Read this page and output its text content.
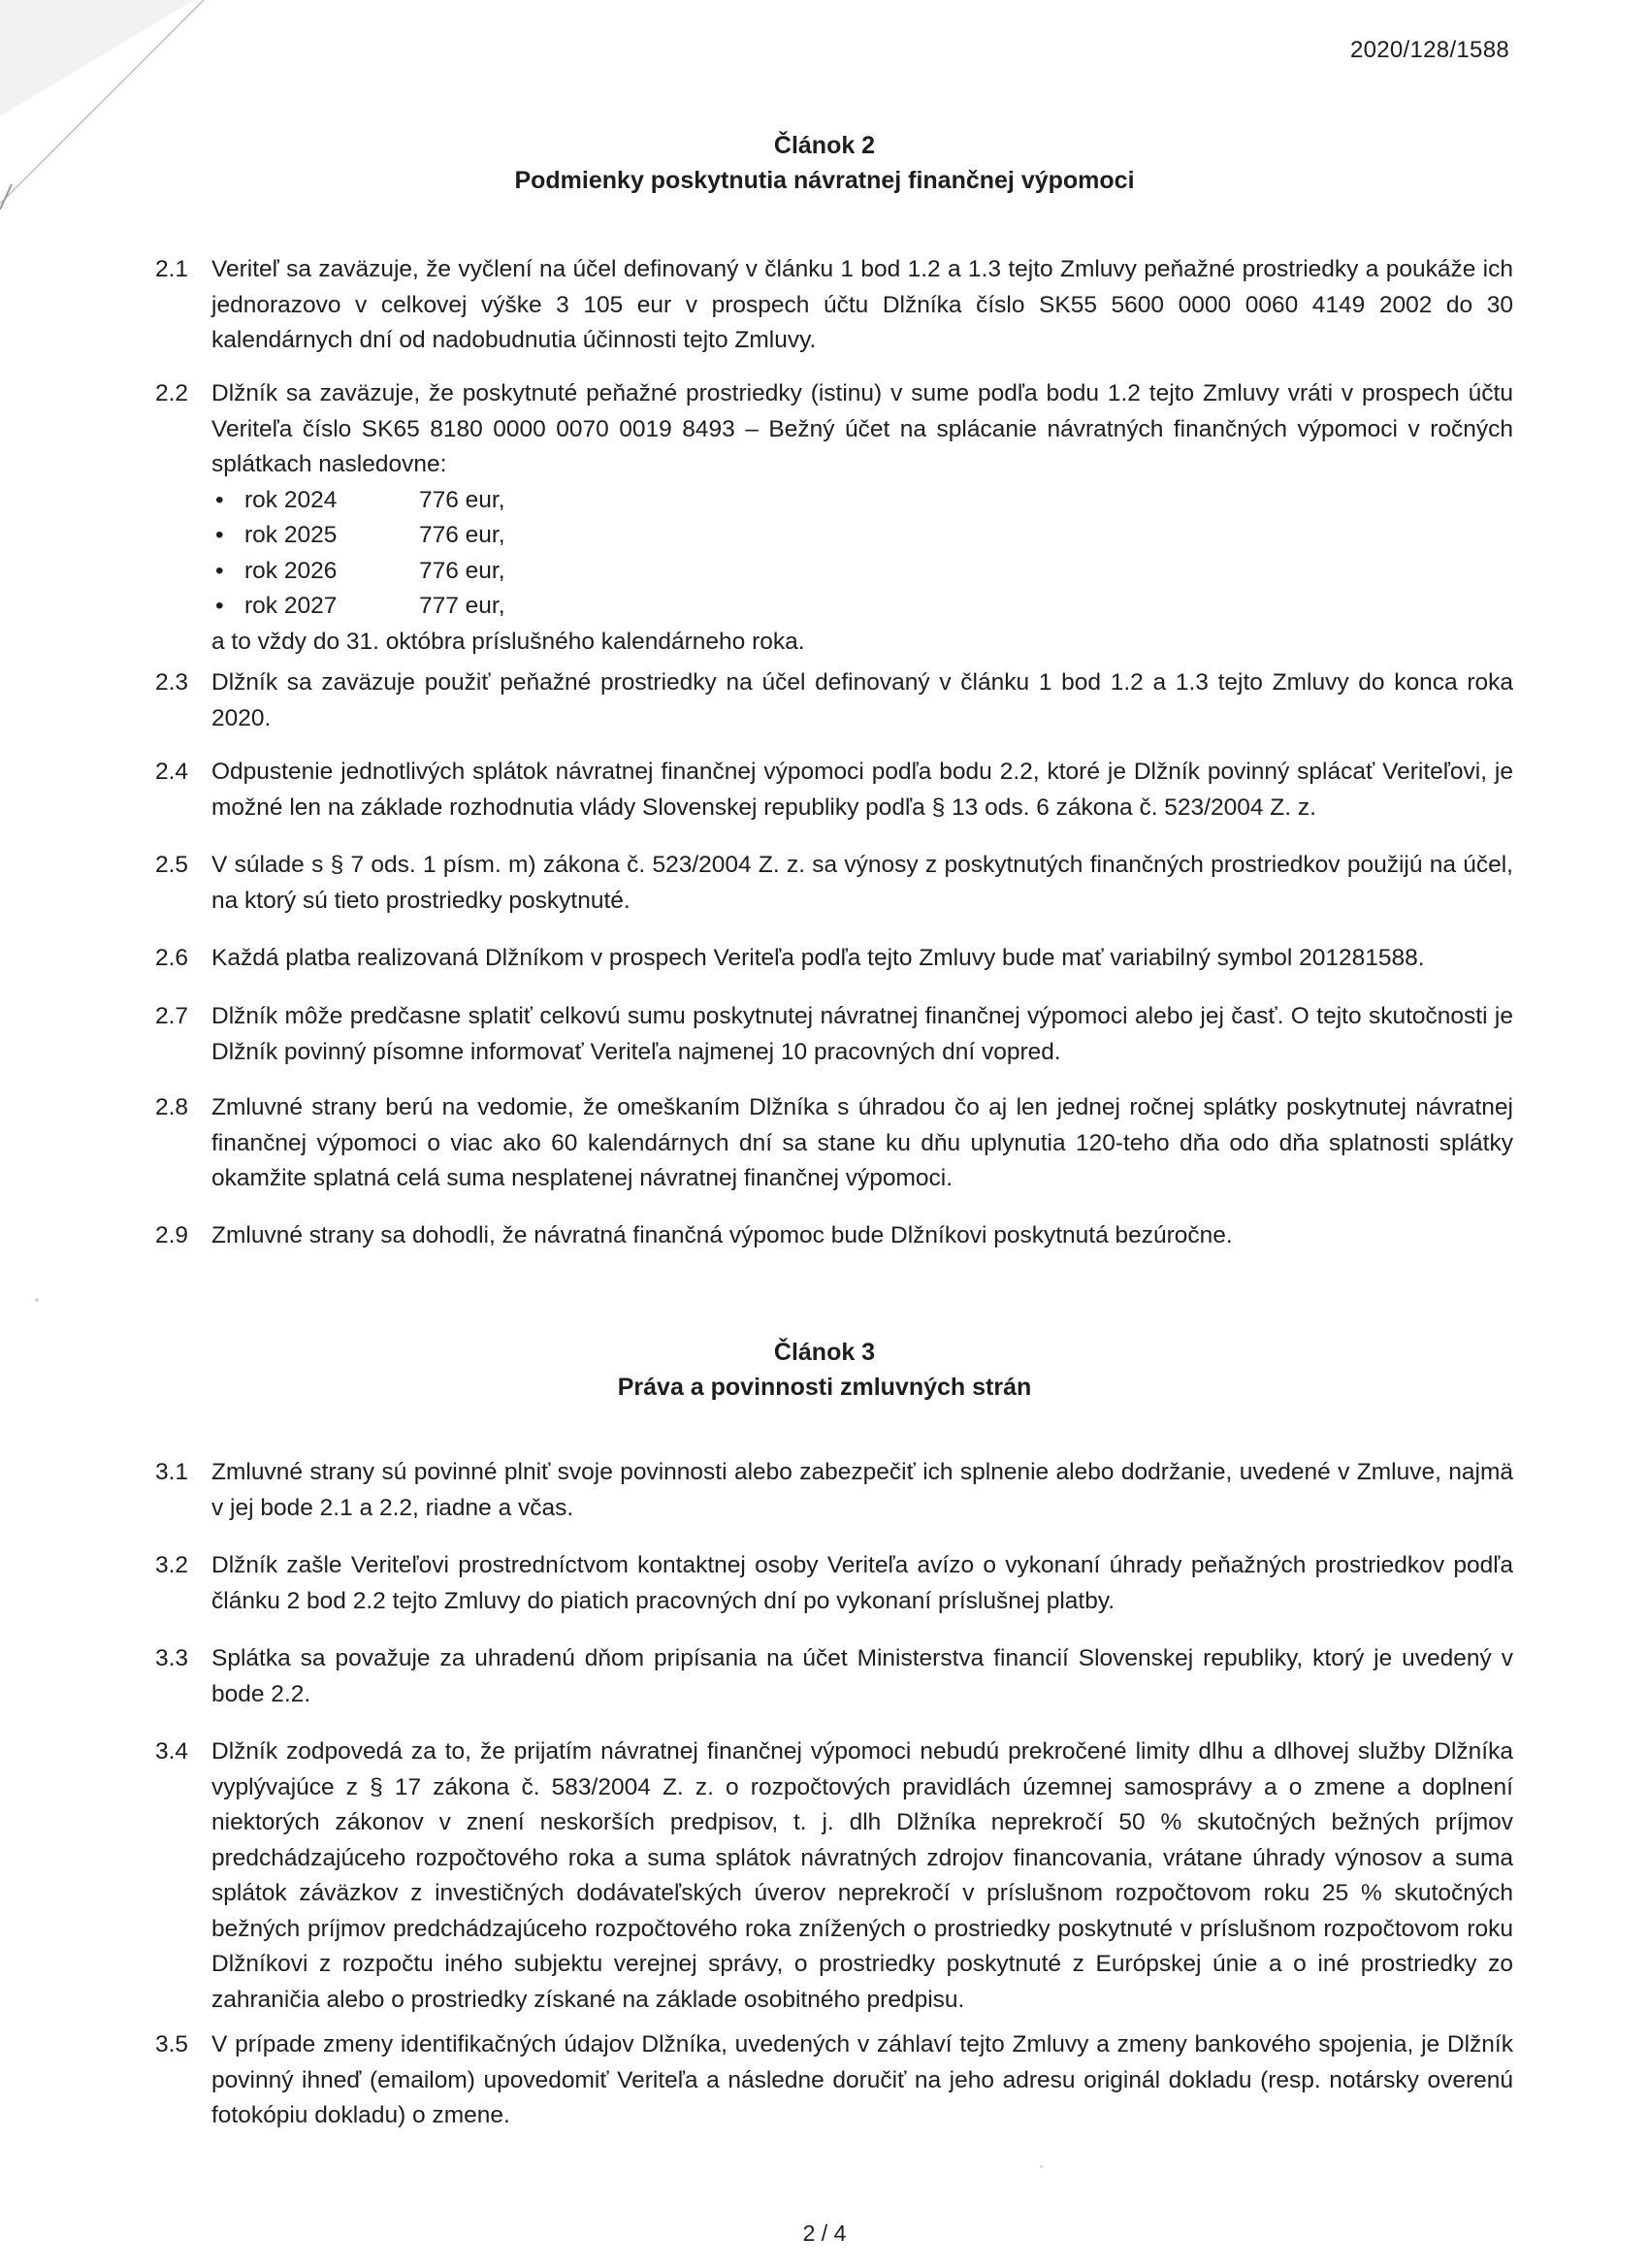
2020/128/1588
Článok 2
Podmienky poskytnutia návratnej finančnej výpomoci
2.1 Veriteľ sa zaväzuje, že vyčlení na účel definovaný v článku 1 bod 1.2 a 1.3 tejto Zmluvy peňažné prostriedky a poukáže ich jednorazovo v celkovej výške 3 105 eur v prospech účtu Dlžníka číslo SK55 5600 0000 0060 4149 2002 do 30 kalendárnych dní od nadobudnutia účinnosti tejto Zmluvy.
2.2 Dlžník sa zaväzuje, že poskytnuté peňažné prostriedky (istinu) v sume podľa bodu 1.2 tejto Zmluvy vráti v prospech účtu Veriteľa číslo SK65 8180 0000 0070 0019 8493 – Bežný účet na splácanie návratných finančných výpomoci v ročných splátkach nasledovne:
• rok 2024	776 eur,
• rok 2025	776 eur,
• rok 2026	776 eur,
• rok 2027	777 eur,
a to vždy do 31. októbra príslušného kalendárneho roka.
2.3 Dlžník sa zaväzuje použiť peňažné prostriedky na účel definovaný v článku 1 bod 1.2 a 1.3 tejto Zmluvy do konca roka 2020.
2.4 Odpustenie jednotlivých splátok návratnej finančnej výpomoci podľa bodu 2.2, ktoré je Dlžník povinný splácať Veriteľovi, je možné len na základe rozhodnutia vlády Slovenskej republiky podľa § 13 ods. 6 zákona č. 523/2004 Z. z.
2.5 V súlade s § 7 ods. 1 písm. m) zákona č. 523/2004 Z. z. sa výnosy z poskytnutých finančných prostriedkov použijú na účel, na ktorý sú tieto prostriedky poskytnuté.
2.6 Každá platba realizovaná Dlžníkom v prospech Veriteľa podľa tejto Zmluvy bude mať variabilný symbol 201281588.
2.7 Dlžník môže predčasne splatiť celkovú sumu poskytnutej návratnej finančnej výpomoci alebo jej časť. O tejto skutočnosti je Dlžník povinný písomne informovať Veriteľa najmenej 10 pracovných dní vopred.
2.8 Zmluvné strany berú na vedomie, že omeškaním Dlžníka s úhradou čo aj len jednej ročnej splátky poskytnutej návratnej finančnej výpomoci o viac ako 60 kalendárnych dní sa stane ku dňu uplynutia 120-teho dňa odo dňa splatnosti splátky okamžite splatná celá suma nesplatenej návratnej finančnej výpomoci.
2.9 Zmluvné strany sa dohodli, že návratná finančná výpomoc bude Dlžníkovi poskytnutá bezúročne.
Článok 3
Práva a povinnosti zmluvných strán
3.1 Zmluvné strany sú povinné plniť svoje povinnosti alebo zabezpečiť ich splnenie alebo dodržanie, uvedené v Zmluve, najmä v jej bode 2.1 a 2.2, riadne a včas.
3.2 Dlžník zašle Veriteľovi prostredníctvom kontaktnej osoby Veriteľa avízo o vykonaní úhrady peňažných prostriedkov podľa článku 2 bod 2.2 tejto Zmluvy do piatich pracovných dní po vykonaní príslušnej platby.
3.3 Splátka sa považuje za uhradenú dňom pripísania na účet Ministerstva financií Slovenskej republiky, ktorý je uvedený v bode 2.2.
3.4 Dlžník zodpovedá za to, že prijatím návratnej finančnej výpomoci nebudú prekročené limity dlhu a dlhovej služby Dlžníka vyplývajúce z § 17 zákona č. 583/2004 Z. z. o rozpočtových pravidlách územnej samosprávy a o zmene a doplnení niektorých zákonov v znení neskorších predpisov, t. j. dlh Dlžníka neprekročí 50 % skutočných bežných príjmov predchádzajúceho rozpočtového roka a suma splátok návratných zdrojov financovania, vrátane úhrady výnosov a suma splátok záväzkov z investičných dodávateľských úverov neprekročí v príslušnom rozpočtovom roku 25 % skutočných bežných príjmov predchádzajúceho rozpočtového roka znížených o prostriedky poskytnuté v príslušnom rozpočtovom roku Dlžníkovi z rozpočtu iného subjektu verejnej správy, o prostriedky poskytnuté z Európskej únie a o iné prostriedky zo zahraničia alebo o prostriedky získané na základe osobitného predpisu.
3.5 V prípade zmeny identifikačných údajov Dlžníka, uvedených v záhlaví tejto Zmluvy a zmeny bankového spojenia, je Dlžník povinný ihneď (emailom) upovedomiť Veriteľa a následne doručiť na jeho adresu originál dokladu (resp. notársky overenú fotokópiu dokladu) o zmene.
2 / 4
